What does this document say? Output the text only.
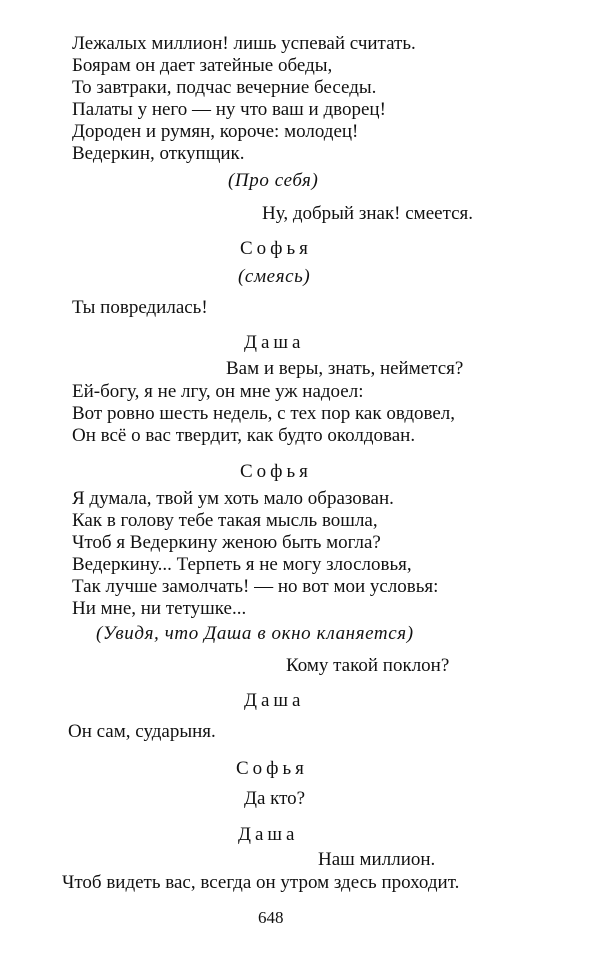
Лежалых миллион! лишь успевай считать.
Боярам он дает затейные обеды,
То завтраки, подчас вечерние беседы.
Палаты у него — ну что ваш и дворец!
Дороден и румян, короче: молодец!
Ведеркин, откупщик.
(Про себя)
Ну, добрый знак! смеется.
Софья
(смеясь)
Ты повредилась!
Даша
Вам и веры, знать, неймется?
Ей-богу, я не лгу, он мне уж надоел:
Вот ровно шесть недель, с тех пор как овдовел,
Он всё о вас твердит, как будто околдован.
Софья
Я думала, твой ум хоть мало образован.
Как в голову тебе такая мысль вошла,
Чтоб я Ведеркину женою быть могла?
Ведеркину... Терпеть я не могу злословья,
Так лучше замолчать! — но вот мои условья:
Ни мне, ни тетушке...
(Увидя, что Даша в окно кланяется)
Кому такой поклон?
Даша
Он сам, сударыня.
Софья
Да кто?
Даша
Наш миллион.
Чтоб видеть вас, всегда он утром здесь проходит.
648
